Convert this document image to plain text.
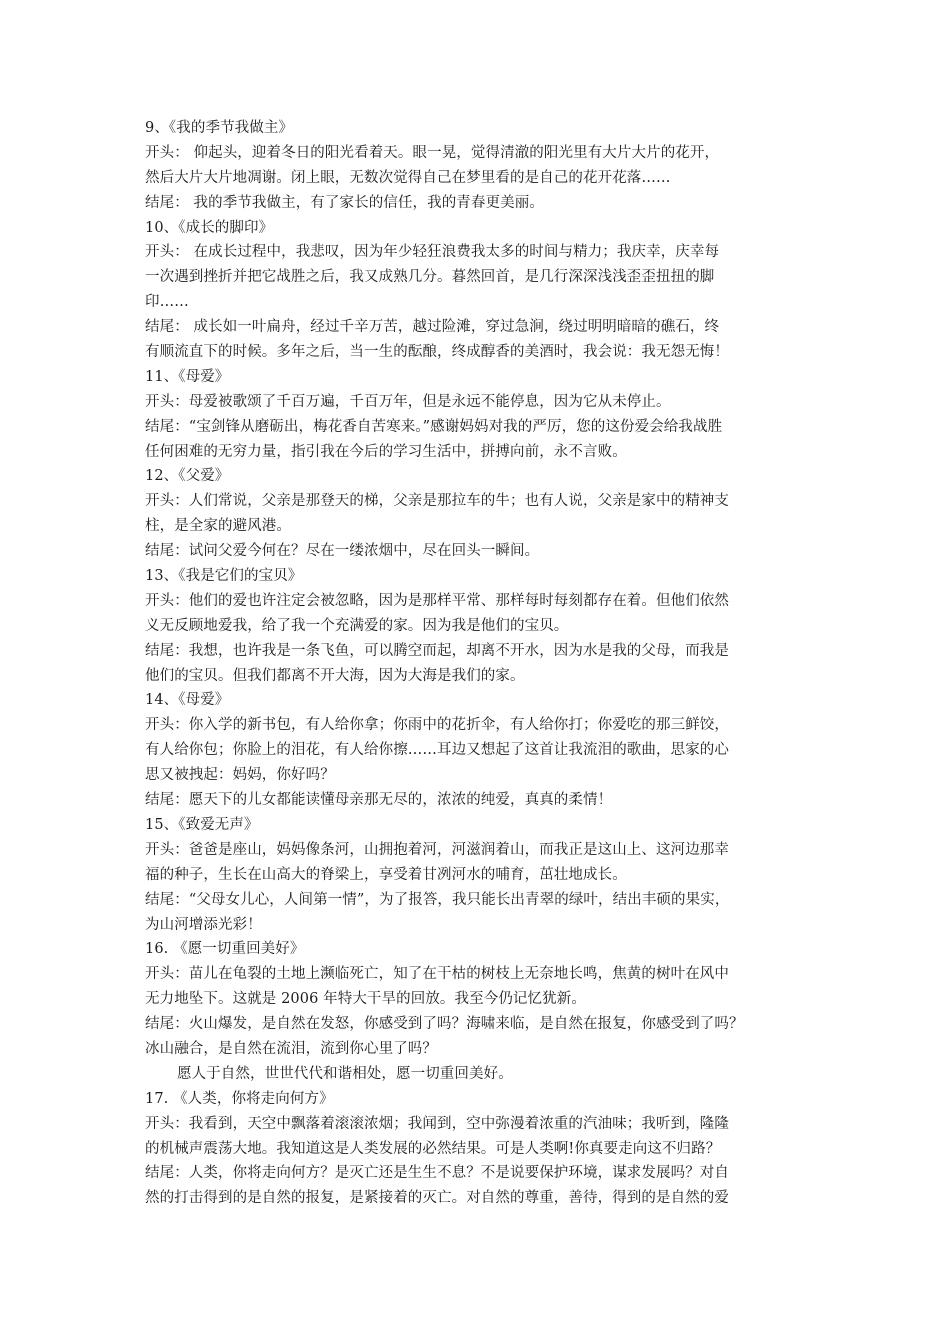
9、《我的季节我做主》
开头： 仰起头，迎着冬日的阳光看着天。眼一晃，觉得清澈的阳光里有大片大片的花开，
然后大片大片地凋谢。闭上眼，无数次觉得自己在梦里看的是自己的花开花落……
结尾： 我的季节我做主，有了家长的信任，我的青春更美丽。
10、《成长的脚印》
开头： 在成长过程中，我悲叹，因为年少轻狂浪费我太多的时间与精力；我庆幸，庆幸每
一次遇到挫折并把它战胜之后，我又成熟几分。暮然回首，是几行深深浅浅歪歪扭扭的脚
印……
结尾： 成长如一叶扁舟，经过千辛万苦，越过险滩，穿过急涧，绕过明明暗暗的礁石，终
有顺流直下的时候。多年之后，当一生的酝酿，终成醇香的美酒时，我会说：我无怨无悔！
11、《母爱》
开头：母爱被歌颂了千百万遍，千百万年，但是永远不能停息，因为它从未停止。
结尾：“宝剑锋从磨砺出，梅花香自苦寒来。”感谢妈妈对我的严厉，您的这份爱会给我战胜
任何困难的无穷力量，指引我在今后的学习生活中，拼搏向前，永不言败。
12、《父爱》
开头：人们常说，父亲是那登天的梯，父亲是那拉车的牛；也有人说，父亲是家中的精神支
柱，是全家的避风港。
结尾：试问父爱今何在？尽在一缕浓烟中，尽在回头一瞬间。
13、《我是它们的宝贝》
开头：他们的爱也许注定会被忽略，因为是那样平常、那样每时每刻都存在着。但他们依然
义无反顾地爱我，给了我一个充满爱的家。因为我是他们的宝贝。
结尾：我想，也许我是一条飞鱼，可以腾空而起，却离不开水，因为水是我的父母，而我是
他们的宝贝。但我们都离不开大海，因为大海是我们的家。
14、《母爱》
开头：你入学的新书包，有人给你拿；你雨中的花折伞，有人给你打；你爱吃的那三鲜饺，
有人给你包；你脸上的泪花，有人给你擦……耳边又想起了这首让我流泪的歌曲，思家的心
思又被拽起：妈妈，你好吗？
结尾：愿天下的儿女都能读懂母亲那无尽的，浓浓的纯爱，真真的柔情！
15、《致爱无声》
开头：爸爸是座山，妈妈像条河，山拥抱着河，河滋润着山，而我正是这山上、这河边那幸
福的种子，生长在山高大的脊梁上，享受着甘冽河水的哺育，茁壮地成长。
结尾：“父母女儿心，人间第一情”，为了报答，我只能长出青翠的绿叶，结出丰硕的果实，
为山河增添光彩！
16. 《愿一切重回美好》
开头：苗儿在龟裂的土地上濒临死亡，知了在干枯的树枝上无奈地长鸣，焦黄的树叶在风中
无力地坠下。这就是 2006 年特大干旱的回放。我至今仍记忆犹新。
结尾：火山爆发，是自然在发怒，你感受到了吗？海啸来临，是自然在报复，你感受到了吗？
冰山融合，是自然在流泪，流到你心里了吗？
愿人于自然，世世代代和谐相处，愿一切重回美好。
17. 《人类，你将走向何方》
开头：我看到，天空中飘落着滚滚浓烟；我闻到，空中弥漫着浓重的汽油味；我听到，隆隆
的机械声震荡大地。我知道这是人类发展的必然结果。可是人类啊!你真要走向这不归路？
结尾：人类，你将走向何方？是灭亡还是生生不息？不是说要保护环境，谋求发展吗？对自
然的打击得到的是自然的报复，是紧接着的灭亡。对自然的尊重，善待，得到的是自然的爱
